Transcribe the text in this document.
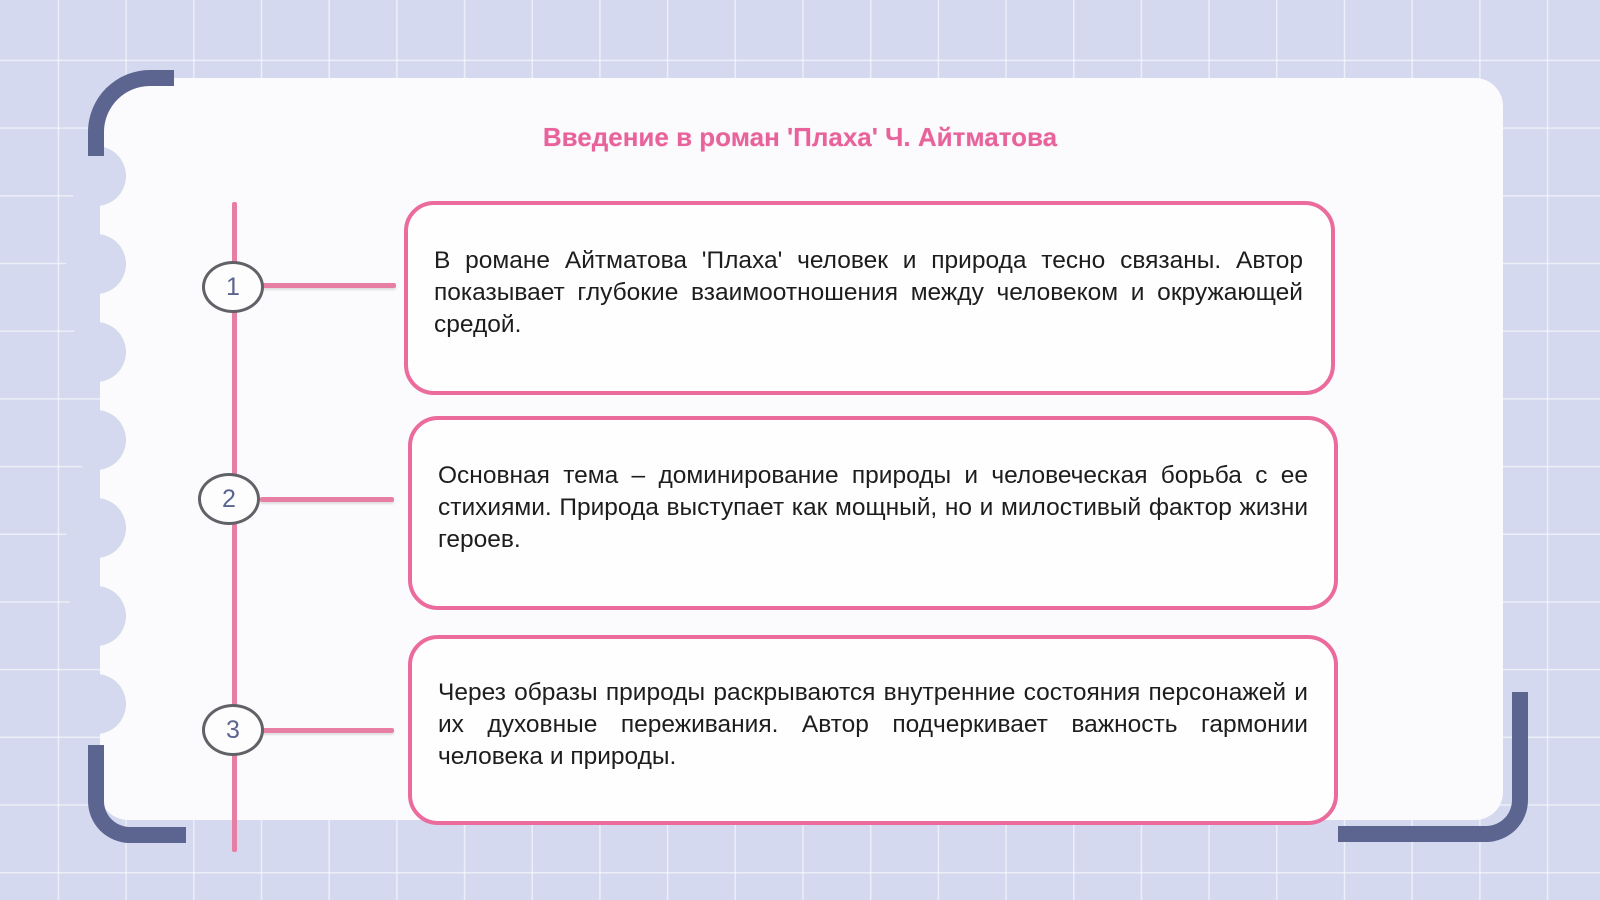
Введение в роман 'Плаха' Ч. Айтматова
1
В романе Айтматова 'Плаха' человек и природа тесно связаны. Автор показывает глубокие взаимоотношения между человеком и окружающей средой.
2
Основная тема – доминирование природы и человеческая борьба с ее стихиями. Природа выступает как мощный, но и милостивый фактор жизни героев.
3
Через образы природы раскрываются внутренние состояния персонажей и их духовные переживания. Автор подчеркивает важность гармонии человека и природы.
